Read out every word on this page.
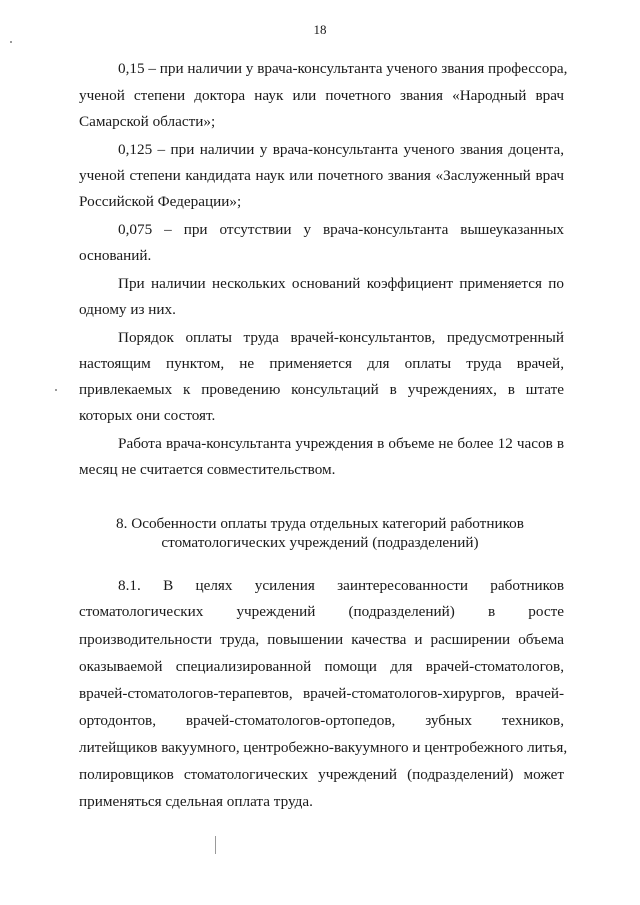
18
0,15 – при наличии у врача-консультанта ученого звания профессора,
ученой степени доктора наук или почетного звания «Народный врач
Самарской области»;
0,125 – при наличии у врача-консультанта ученого звания доцента,
ученой степени кандидата наук или почетного звания «Заслуженный врач
Российской Федерации»;
0,075 – при отсутствии у врача-консультанта вышеуказанных
оснований.
При наличии нескольких оснований коэффициент применяется по
одному из них.
Порядок оплаты труда врачей-консультантов, предусмотренный
настоящим пунктом, не применяется для оплаты труда врачей,
привлекаемых к проведению консультаций в учреждениях, в штате
которых они состоят.
Работа врача-консультанта учреждения в объеме не более 12 часов в
месяц не считается совместительством.
8. Особенности оплаты труда отдельных категорий работников
стоматологических учреждений (подразделений)
8.1. В целях усиления заинтересованности работников
стоматологических учреждений (подразделений) в росте
производительности труда, повышении качества и расширении объема
оказываемой специализированной помощи для врачей-стоматологов,
врачей-стоматологов-терапевтов, врачей-стоматологов-хирургов, врачей-
ортодонтов, врачей-стоматологов-ортопедов, зубных техников,
литейщиков вакуумного, центробежно-вакуумного и центробежного литья,
полировщиков стоматологических учреждений (подразделений) может
применяться сдельная оплата труда.
